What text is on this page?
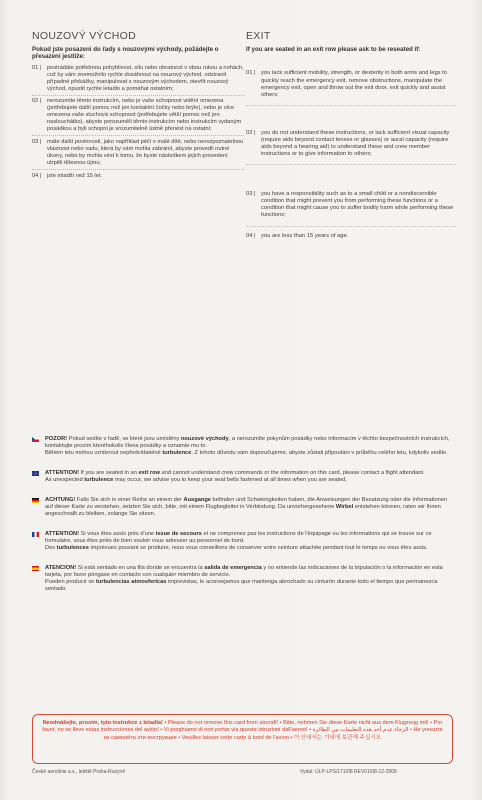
NOUZOVÝ VÝCHOD
Pokud jste posazeni do řady s nouzovými východy, požádejte o přesazení jestliže:
01 | postrádáte potřebnou pohyblivost, sílu nebo obratnost v obou rukou a nohách, což by vám znemožnilo rychle dosáhnout na nouzový východ, odstranit případné překážky, manipulovat s nouzovým východem, otevřít nouzový východ, opustit rychle letadlo a pomáhat ostatním;
02 | nerozumíte těmto instrukcím, nebo je vaše schopnost vidění omezena (potřebujete další pomoc než jen kontaktní čočky nebo brýle), nebo je více omezena vaše sluchová schopnost (potřebujete větší pomoc než jen naslouchátko), abyste porozuměli těmto instrukcím nebo instrukcím vydaným posádkou a byli schopni je srozumitelně ústně přenést na ostatní;
03 | máte další povinnosti, jako například péči o malé dítě, nebo nerozpoznatelnou vlastnost nebo vadu, která by vám mohla zabránit, abyste provedli nutné úkony, nebo by mohla vést k tomu, že byste následkem jejich provedení utrpěli tělesnou újmu;
04 | jste mladší než 15 let.
EXIT
If you are seated in an exit row please ask to be reseated if:
01 | you lack sufficient mobility, strength, or dexterity in both arms and legs to quickly reach the emergency exit, remove obstructions, manipulate the emergency exit, open and throw out the exit door, exit quickly and assist others;
02 | you do not understand these instructions, or lack sufficient visual capacity (require aids beyond contact lenses or glasses) or aural capacity (require aids beyond a hearing aid) to understand these and crew member instructions or to give information to others;
03 | you have a responsibility such as to a small child or a nondiscernible condition that might prevent you from performing these functions or a condition that might cause you to suffer bodily harm while performing these functions;
04 | you are less than 15 years of age.
POZOR! Pokud sedíte v řadě, ve které jsou umístěny nouzové východy, a nerozumíte pokynům posádky nebo informacím v těchto bezpečnostních instrukcích, kontaktujte prosím kteréhokoliv člena posádky a oznamte mu to.
Během letu mohou vzniknout nepředvídatelné turbulence. Z tohoto důvodu vám doporučujeme, abyste zůstali připoutáni v průběhu celého letu, kdykoliv sedíte.
ATTENTION! If you are seated in an exit row and cannot understand crew commands or the information on this card, please contact a flight attendant.
As unexpected turbulence may occur, we advise you to keep your seat belts fastened at all times when you are seated.
ACHTUNG! Falls Sie sich in einer Reihe an einem der Ausgange befinden und Schwierigkeiten haben, die Anweisungen der Besatzung oder die Informationen auf dieser Karte zu verstehen, setzten Sie sich, bitte, mit einem Flugbegleiter in Verbindung. Da unvorhergesehene Wirbel entstehen können, raten wir Ihnen angeschnallt zu bleiben, solange Sie sitzen.
ATTENTION! Si vous êtes assis près d'une issue de secours et ne comprenez pas les instructions de l'équipage ou les informations qui se trouve sur ce formulaire, vous êtes priés de bien vouloir vous adresser au personnel de bord.
Des turbulences imprévues pouvant se produire, nous vous conseillons de conserver votre ceinture attachée pendant tout le temps ou vous êtes assis.
ATENCION! Si está sentado en una fila donde se encuentra la salida de emergencia y no entiende las indicaciones de la tripulación o la información en esta tarjeta, por favor póngase en contacto con cualquier miembro de servicio.
Pueden producir se turbulencias atmosfericas imprevistas, le aconsejamos que mantenga abrochado su cinturón durante todo el tiempo que permanezca sentado.
Neodnášejte, prosím, tyto instrukce z letadla! • Please do not remove this card from aircraft! • Bitte, nehmen Sie diese Karte nicht aus dem Flugzeug mit! • Por favor, no se lleve estas instrucciones del avión! • Vi preghiamo di non portar via queste istruzioni dall'aereo! • الرجاء عدم أخذ هذه التعليمات من الطائرة • Не уносите из самолёта эти инструкции • Veuillez laisser cette carte à bord de l'avion • 이 안내서는 기내에 보관해 주십시오
České aerolinie a.s., letiště Praha-Ruzyně	Vydal: ÚLP-LPS/171/08 REV01/08-12-2008
